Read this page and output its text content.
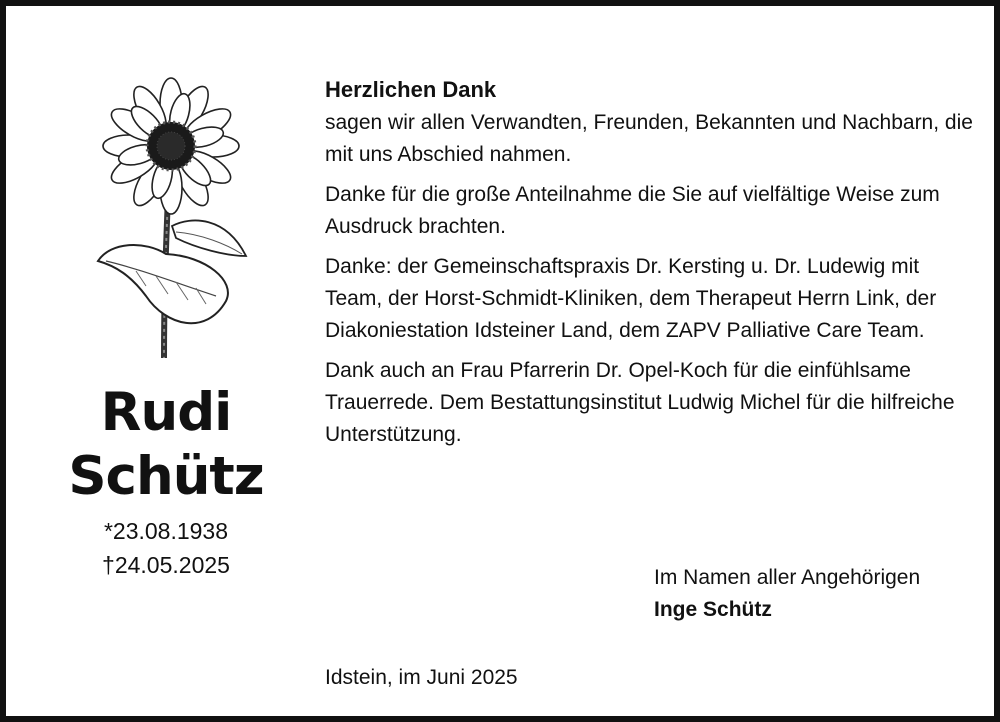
Rudi
Schütz
*23.08.1938
†24.05.2025

Herzlichen Dank

sagen wir allen Verwandten, Freunden, Bekannten und Nachbarn, die mit uns Abschied nahmen.

Danke für die große Anteilnahme die Sie auf vielfältige Weise zum Ausdruck brachten.

Danke: der Gemeinschaftspraxis Dr. Kersting u. Dr. Ludewig mit Team, der Horst-Schmidt-Kliniken, dem Therapeut Herrn Link, der Diakoniestation Idsteiner Land, dem ZAPV Palliative Care Team.

Dank auch an Frau Pfarrerin Dr. Opel-Koch für die einfühlsame Trauerrede. Dem Bestattungsinstitut Ludwig Michel für die hilfreiche Unterstützung.

Im Namen aller Angehörigen
Inge Schütz
Idstein, im Juni 2025
